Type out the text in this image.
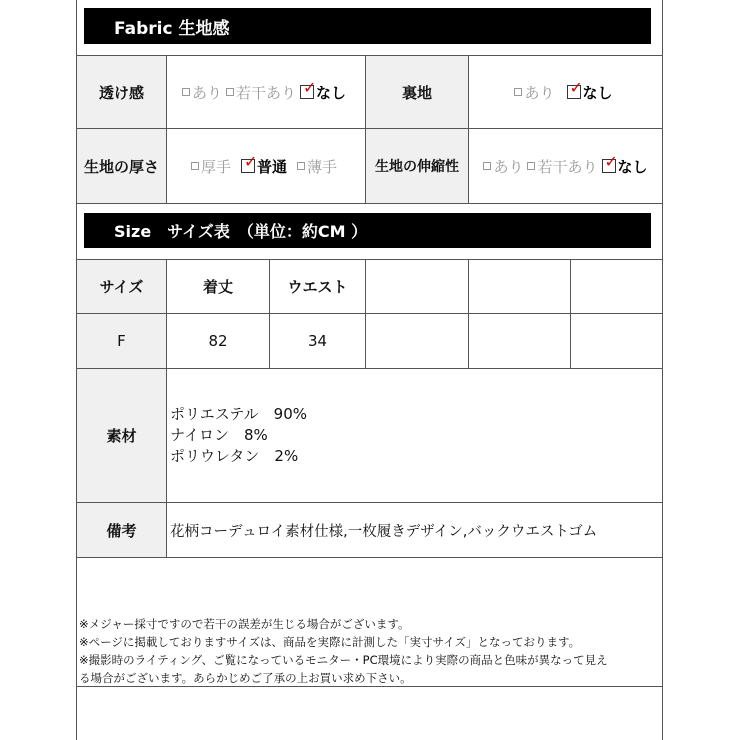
Fabric 生地感
透け感	あり 若干あり ✓ なし	裏地	あり ✓ なし
生地の厚さ	厚手 ✓ 普通 薄手	生地の伸縮性	あり 若干あり ✓ なし
Size　サイズ表　（単位：約CM ）
サイズ	着丈	ウエスト
F	82	34
素材
ポリエステル　90%
ナイロン　8%
ポリウレタン　2%
備考	花柄コーデュロイ素材仕様,一枚履きデザイン,バックウエストゴム
※メジャー採寸ですので若干の誤差が生じる場合がございます。
※ページに掲載しておりますサイズは、商品を実際に計測した「実寸サイズ」となっております。
※撮影時のライティング、ご覧になっているモニター・PC環境により実際の商品と色味が異なって見え
る場合がございます。あらかじめご了承の上お買い求め下さい。
